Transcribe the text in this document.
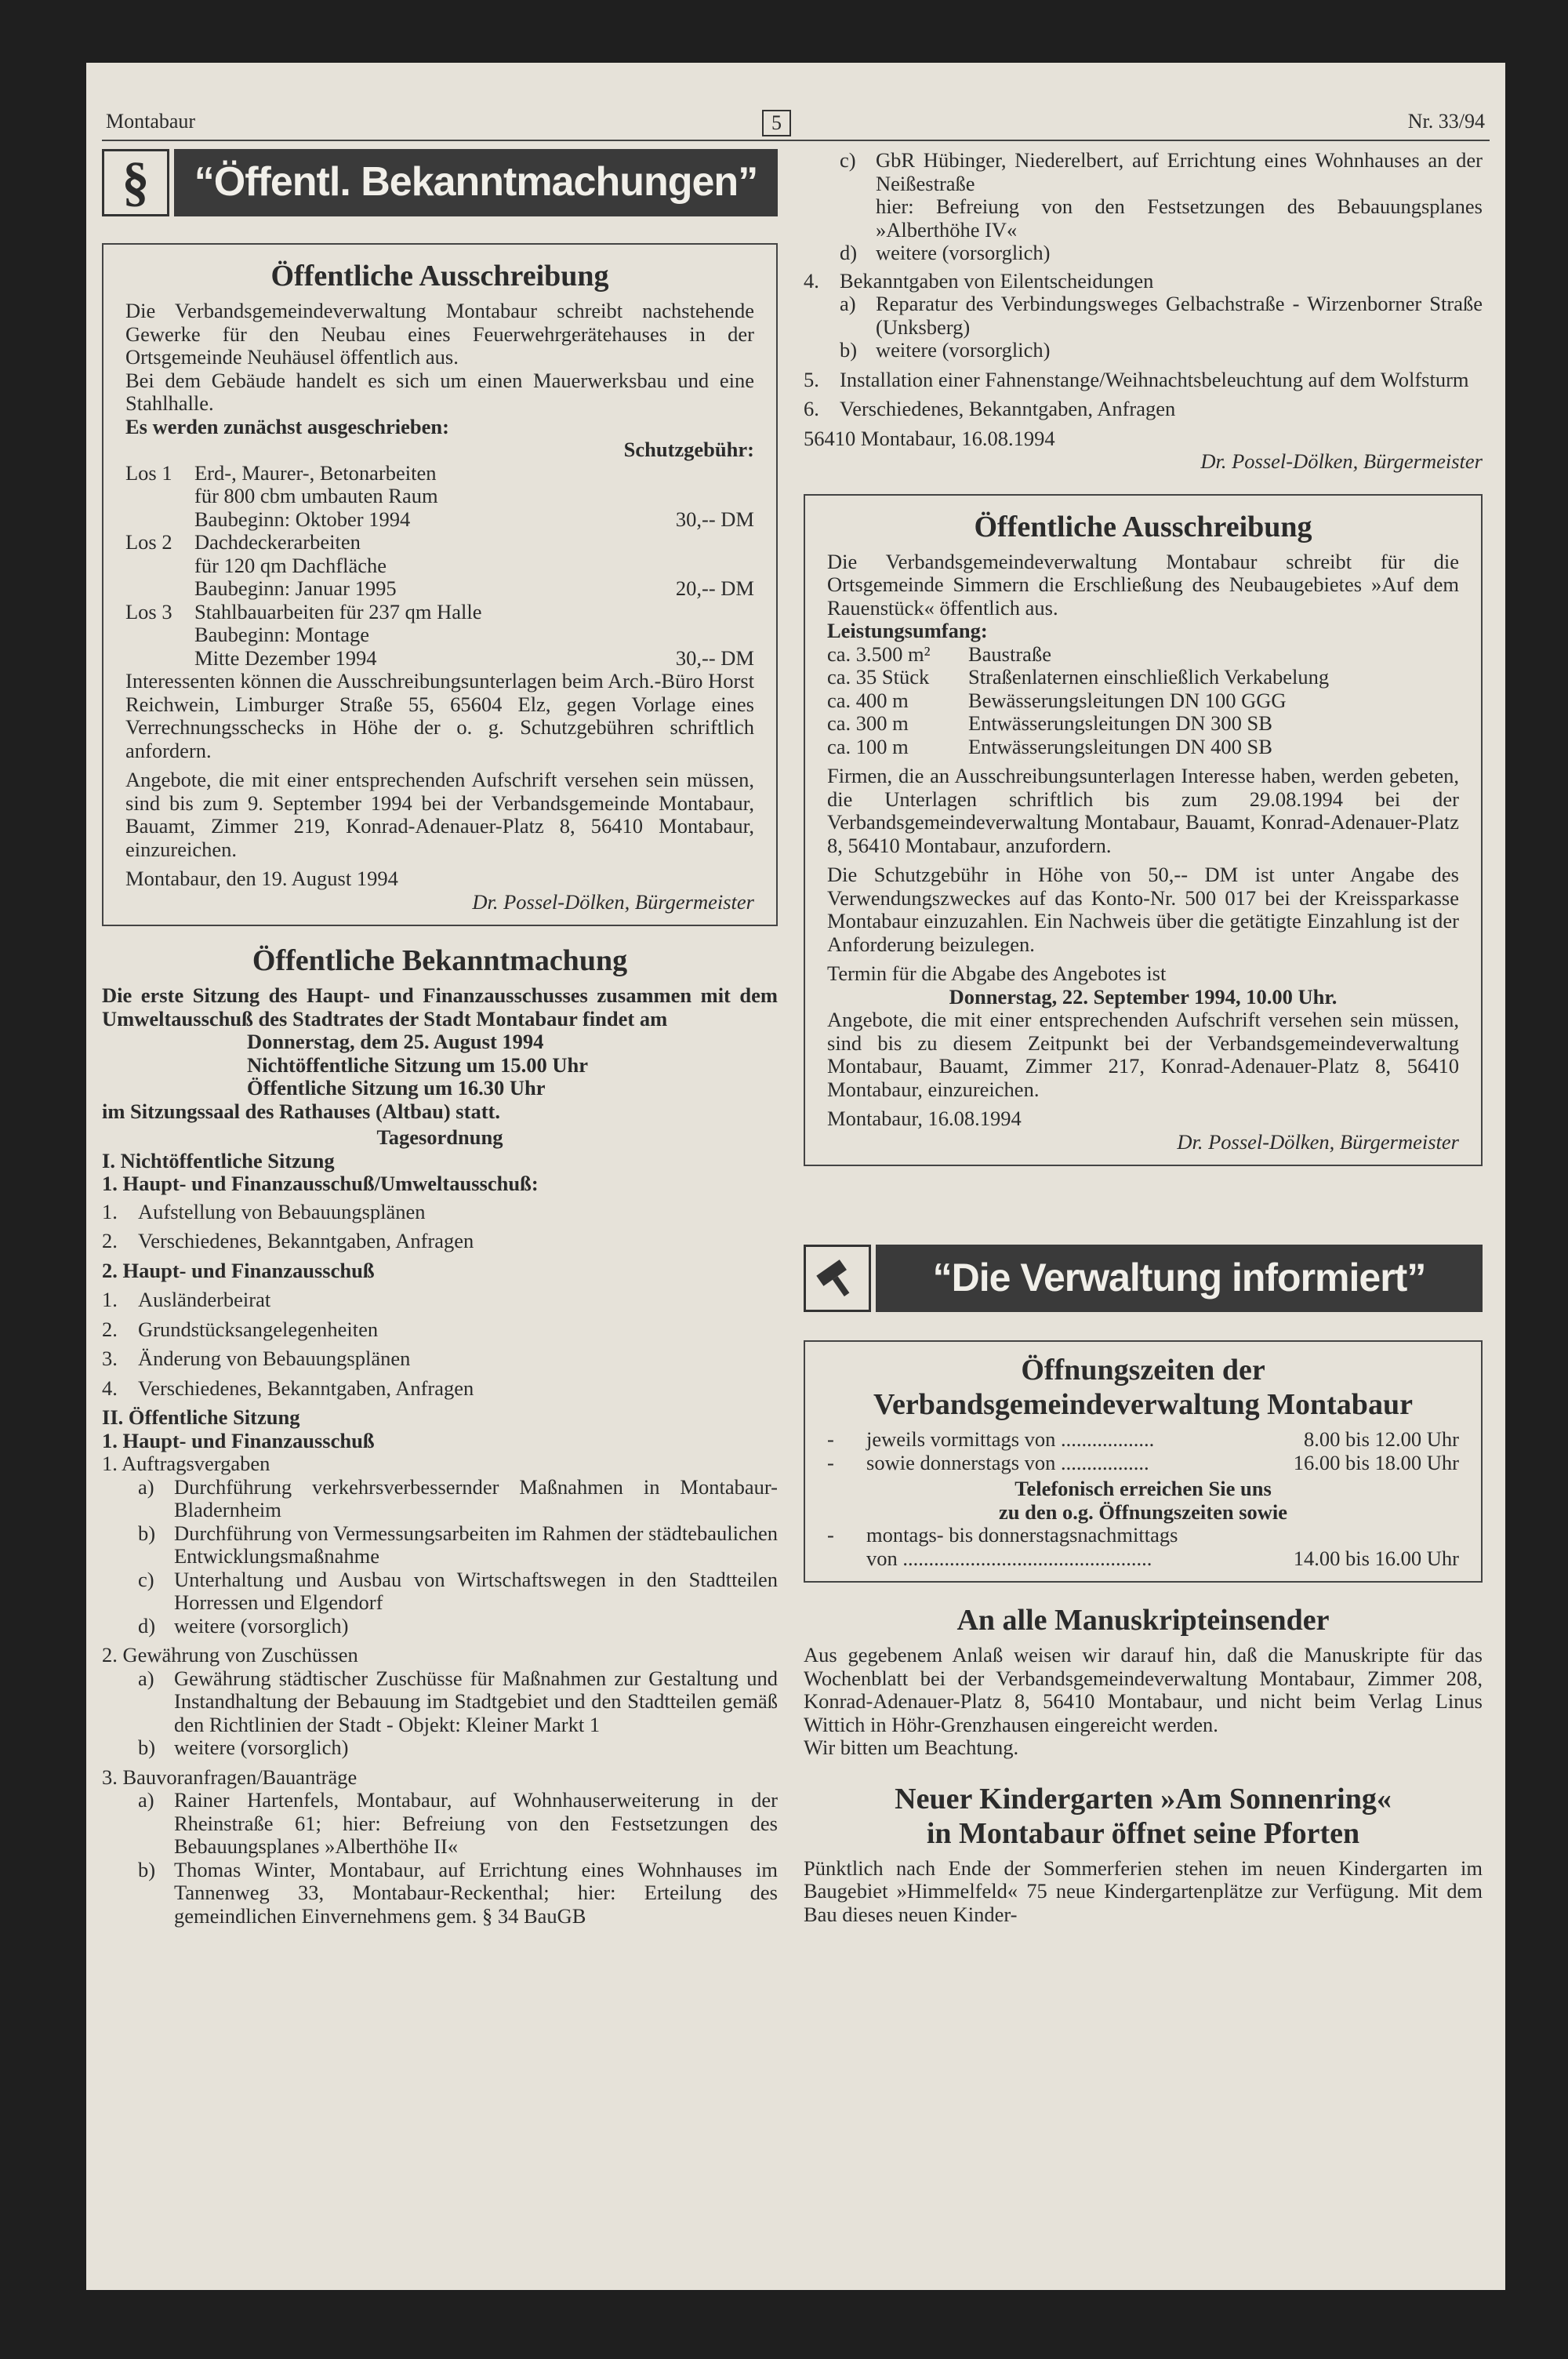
Montabaur	5	Nr. 33/94
§	“Öffentl. Bekanntmachungen”
Öffentliche Ausschreibung

Die Verbandsgemeindeverwaltung Montabaur schreibt nachstehende Gewerke für den Neubau eines Feuerwehrgerätehauses in der Ortsgemeinde Neuhäusel öffentlich aus.

Bei dem Gebäude handelt es sich um einen Mauerwerksbau und eine Stahlhalle.

Es werden zunächst ausgeschrieben:
Schutzgebühr:
Los 1	Erd-, Maurer-, Betonarbeiten
für 800 cbm umbauten Raum
Baubeginn: Oktober 1994	30,-- DM
Los 2	Dachdeckerarbeiten
für 120 qm Dachfläche
Baubeginn: Januar 1995	20,-- DM
Los 3	Stahlbauarbeiten für 237 qm Halle
Baubeginn: Montage
Mitte Dezember 1994	30,-- DM

Interessenten können die Ausschreibungsunterlagen beim Arch.-Büro Horst Reichwein, Limburger Straße 55, 65604 Elz, gegen Vorlage eines Verrechnungsschecks in Höhe der o. g. Schutzgebühren schriftlich anfordern.

Angebote, die mit einer entsprechenden Aufschrift versehen sein müssen, sind bis zum 9. September 1994 bei der Verbandsgemeinde Montabaur, Bauamt, Zimmer 219, Konrad-Adenauer-Platz 8, 56410 Montabaur, einzureichen.

Montabaur, den 19. August 1994

Dr. Possel-Dölken, Bürgermeister
Öffentliche Bekanntmachung

Die erste Sitzung des Haupt- und Finanzausschusses zusammen mit dem Umweltausschuß des Stadtrates der Stadt Montabaur findet am

Donnerstag, dem 25. August 1994
Nichtöffentliche Sitzung um 15.00 Uhr
Öffentliche Sitzung um 16.30 Uhr
im Sitzungssaal des Rathauses (Altbau) statt.
Tagesordnung
I. Nichtöffentliche Sitzung
1. Haupt- und Finanzausschuß/Umweltausschuß:
1. Aufstellung von Bebauungsplänen
2. Verschiedenes, Bekanntgaben, Anfragen
2. Haupt- und Finanzausschuß
1. Ausländerbeirat
2. Grundstücksangelegenheiten
3. Änderung von Bebauungsplänen
4. Verschiedenes, Bekanntgaben, Anfragen
II. Öffentliche Sitzung
1. Haupt- und Finanzausschuß
1. Auftragsvergaben
a) Durchführung verkehrsverbessernder Maßnahmen in Montabaur- Bladernheim
b) Durchführung von Vermessungsarbeiten im Rahmen der städtebaulichen Entwicklungsmaßnahme
c) Unterhaltung und Ausbau von Wirtschaftswegen in den Stadtteilen Horressen und Elgendorf
d) weitere (vorsorglich)
2. Gewährung von Zuschüssen
a) Gewährung städtischer Zuschüsse für Maßnahmen zur Gestaltung und Instandhaltung der Bebauung im Stadtgebiet und den Stadtteilen gemäß den Richtlinien der Stadt - Objekt: Kleiner Markt 1
b) weitere (vorsorglich)
3. Bauvoranfragen/Bauanträge
a) Rainer Hartenfels, Montabaur, auf Wohnhauserweiterung in der Rheinstraße 61; hier: Befreiung von den Festsetzungen des Bebauungsplanes »Alberthöhe II«
b) Thomas Winter, Montabaur, auf Errichtung eines Wohnhauses im Tannenweg 33, Montabaur-Reckenthal; hier: Erteilung des gemeindlichen Einvernehmens gem. § 34 BauGB
c) GbR Hübinger, Niederelbert, auf Errichtung eines Wohnhauses an der Neißestraße
hier: Befreiung von den Festsetzungen des Bebauungsplanes »Alberthöhe IV«
d) weitere (vorsorglich)
4. Bekanntgaben von Eilentscheidungen
a) Reparatur des Verbindungsweges Gelbachstraße - Wirzenborner Straße (Unksberg)
b) weitere (vorsorglich)
5. Installation einer Fahnenstange/Weihnachtsbeleuchtung auf dem Wolfsturm
6. Verschiedenes, Bekanntgaben, Anfragen
56410 Montabaur, 16.08.1994
Dr. Possel-Dölken, Bürgermeister
Öffentliche Ausschreibung

Die Verbandsgemeindeverwaltung Montabaur schreibt für die Ortsgemeinde Simmern die Erschließung des Neubaugebietes »Auf dem Rauenstück« öffentlich aus.

Leistungsumfang:
ca. 3.500 m²	Baustraße
ca. 35 Stück	Straßenlaternen einschließlich Verkabelung
ca. 400 m	Bewässerungsleitungen DN 100 GGG
ca. 300 m	Entwässerungsleitungen DN 300 SB
ca. 100 m	Entwässerungsleitungen DN 400 SB

Firmen, die an Ausschreibungsunterlagen Interesse haben, werden gebeten, die Unterlagen schriftlich bis zum 29.08.1994 bei der Verbandsgemeindeverwaltung Montabaur, Bauamt, Konrad-Adenauer-Platz 8, 56410 Montabaur, anzufordern.

Die Schutzgebühr in Höhe von 50,-- DM ist unter Angabe des Verwendungszweckes auf das Konto-Nr. 500 017 bei der Kreissparkasse Montabaur einzuzahlen. Ein Nachweis über die getätigte Einzahlung ist der Anforderung beizulegen.

Termin für die Abgabe des Angebotes ist

Donnerstag, 22. September 1994, 10.00 Uhr.

Angebote, die mit einer entsprechenden Aufschrift versehen sein müssen, sind bis zu diesem Zeitpunkt bei der Verbandsgemeindeverwaltung Montabaur, Bauamt, Zimmer 217, Konrad-Adenauer-Platz 8, 56410 Montabaur, einzureichen.

Montabaur, 16.08.1994

Dr. Possel-Dölken, Bürgermeister
“Die Verwaltung informiert”
Öffnungszeiten der
Verbandsgemeindeverwaltung Montabaur
-	jeweils vormittags von ..................	8.00 bis 12.00 Uhr
-	sowie donnerstags von .................	16.00 bis 18.00 Uhr
Telefonisch erreichen Sie uns
zu den o.g. Öffnungszeiten sowie
-	montags- bis donnerstagsnachmittags
von ................................................	14.00 bis 16.00 Uhr
An alle Manuskripteinsender

Aus gegebenem Anlaß weisen wir darauf hin, daß die Manuskripte für das Wochenblatt bei der Verbandsgemeindeverwaltung Montabaur, Zimmer 208, Konrad-Adenauer-Platz 8, 56410 Montabaur, und nicht beim Verlag Linus Wittich in Höhr-Grenzhausen eingereicht werden.

Wir bitten um Beachtung.

Neuer Kindergarten »Am Sonnenring«
in Montabaur öffnet seine Pforten

Pünktlich nach Ende der Sommerferien stehen im neuen Kindergarten im Baugebiet »Himmelfeld« 75 neue Kindergartenplätze zur Verfügung. Mit dem Bau dieses neuen Kinder-
